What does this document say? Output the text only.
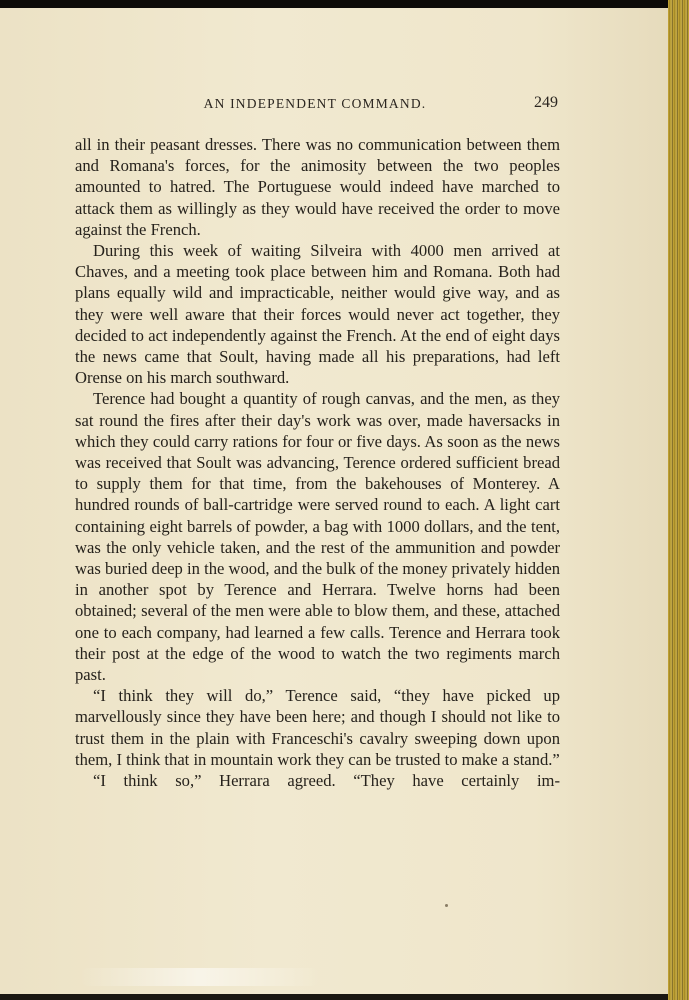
AN INDEPENDENT COMMAND.	249

all in their peasant dresses. There was no communication between them and Romana's forces, for the animosity between the two peoples amounted to hatred. The Portuguese would indeed have marched to attack them as willingly as they would have received the order to move against the French.

During this week of waiting Silveira with 4000 men arrived at Chaves, and a meeting took place between him and Romana. Both had plans equally wild and impracticable, neither would give way, and as they were well aware that their forces would never act together, they decided to act independently against the French. At the end of eight days the news came that Soult, having made all his preparations, had left Orense on his march southward.

Terence had bought a quantity of rough canvas, and the men, as they sat round the fires after their day's work was over, made haversacks in which they could carry rations for four or five days. As soon as the news was received that Soult was advancing, Terence ordered sufficient bread to supply them for that time, from the bakehouses of Monterey. A hundred rounds of ball-cartridge were served round to each. A light cart containing eight barrels of powder, a bag with 1000 dollars, and the tent, was the only vehicle taken, and the rest of the ammunition and powder was buried deep in the wood, and the bulk of the money privately hidden in another spot by Terence and Herrara. Twelve horns had been obtained; several of the men were able to blow them, and these, attached one to each company, had learned a few calls. Terence and Herrara took their post at the edge of the wood to watch the two regiments march past.

“I think they will do,” Terence said, “they have picked up marvellously since they have been here; and though I should not like to trust them in the plain with Franceschi's cavalry sweeping down upon them, I think that in mountain work they can be trusted to make a stand.”

“I think so,” Herrara agreed. “They have certainly im-
